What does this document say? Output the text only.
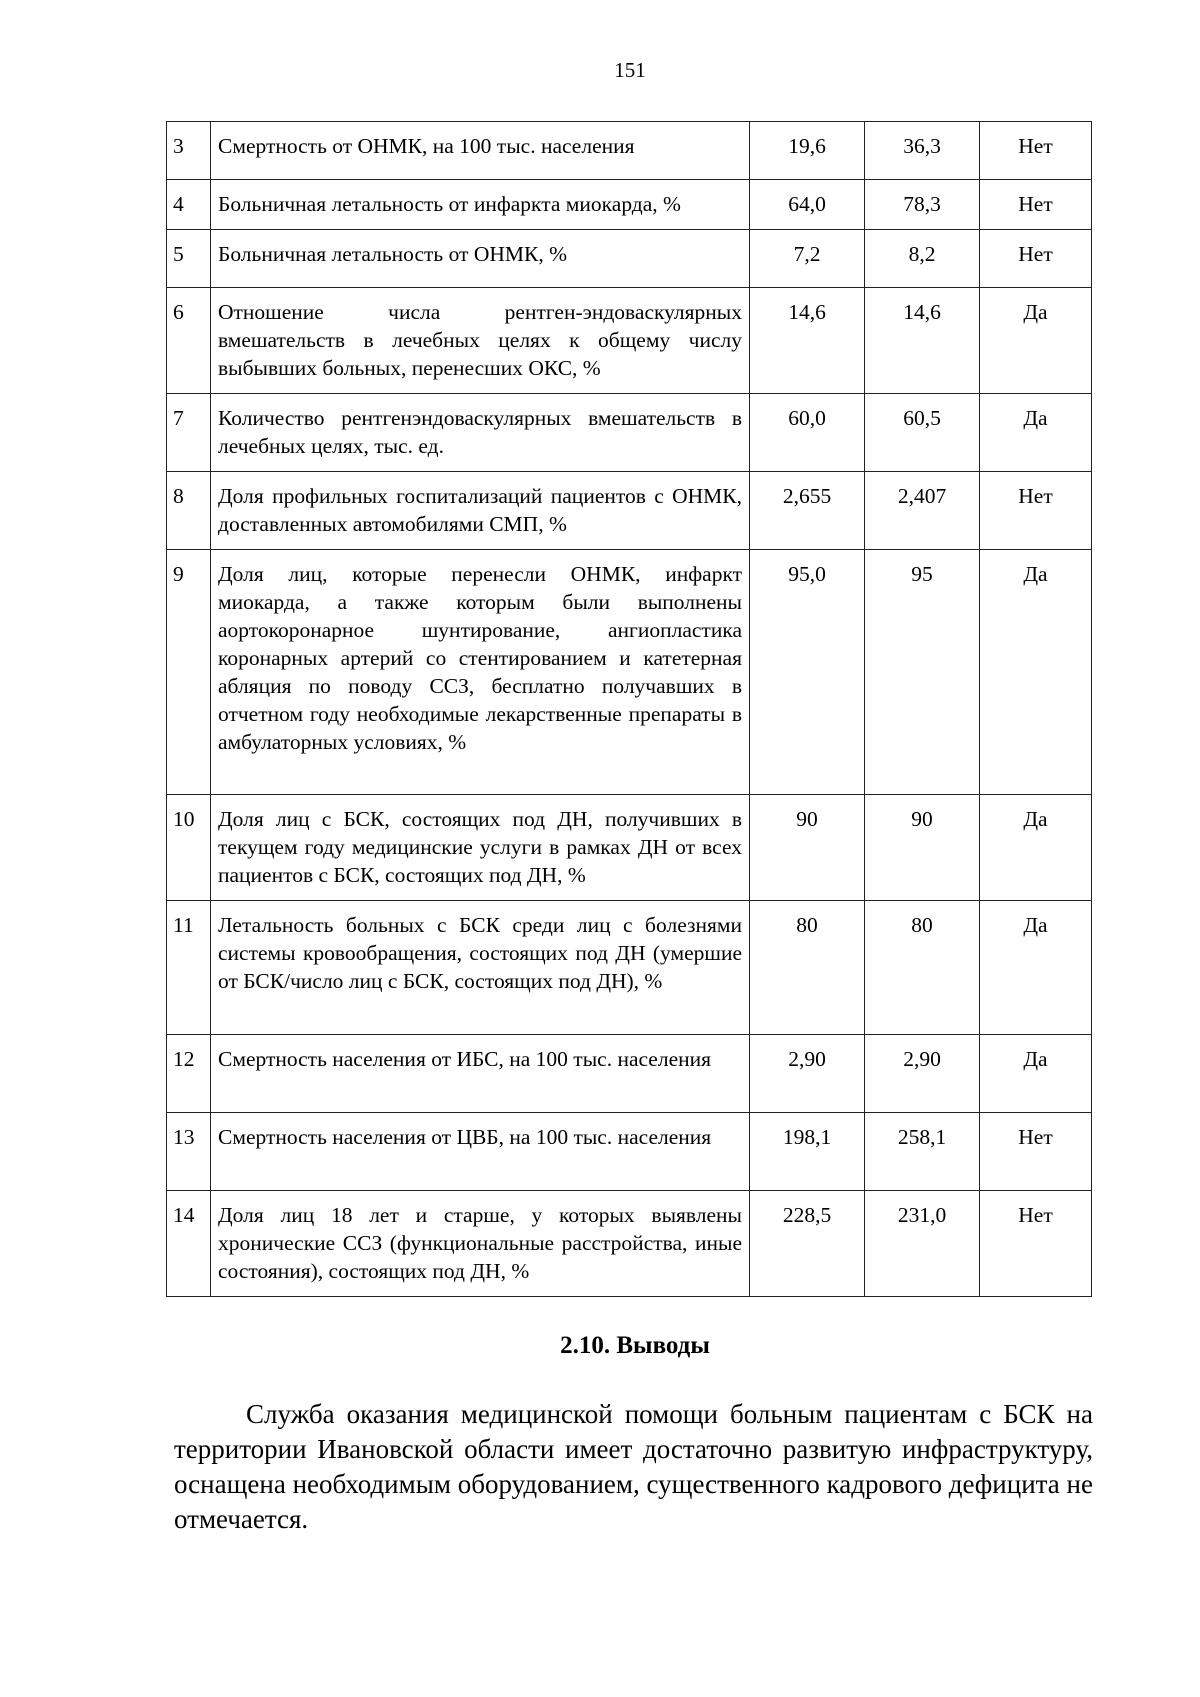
151
3	Смертность от ОНМК, на 100 тыс. населения	19,6	36,3	Нет
4	Больничная летальность от инфаркта миокарда, %	64,0	78,3	Нет
5	Больничная летальность от ОНМК, %	7,2	8,2	Нет
6	Отношение числа рентген-эндоваскулярных вмешательств в лечебных целях к общему числу выбывших больных, перенесших ОКС, %	14,6	14,6	Да
7	Количество рентгенэндоваскулярных вмешательств в лечебных целях, тыс. ед.	60,0	60,5	Да
8	Доля профильных госпитализаций пациентов с ОНМК, доставленных автомобилями СМП, %	2,655	2,407	Нет
9	Доля лиц, которые перенесли ОНМК, инфаркт миокарда, а также которым были выполнены аортокоронарное шунтирование, ангиопластика коронарных артерий со стентированием и катетерная абляция по поводу ССЗ, бесплатно получавших в отчетном году необходимые лекарственные препараты в амбулаторных условиях, %	95,0	95	Да
10	Доля лиц с БСК, состоящих под ДН, получивших в текущем году медицинские услуги в рамках ДН от всех пациентов с БСК, состоящих под ДН, %	90	90	Да
11	Летальность больных с БСК среди лиц с болезнями системы кровообращения, состоящих под ДН (умершие от БСК/число лиц с БСК, состоящих под ДН), %	80	80	Да
12	Смертность населения от ИБС, на 100 тыс. населения	2,90	2,90	Да
13	Смертность населения от ЦВБ, на 100 тыс. населения	198,1	258,1	Нет
14	Доля лиц 18 лет и старше, у которых выявлены хронические ССЗ (функциональные расстройства, иные состояния), состоящих под ДН, %	228,5	231,0	Нет
2.10. Выводы

Служба оказания медицинской помощи больным пациентам с БСК на территории Ивановской области имеет достаточно развитую инфраструктуру, оснащена необходимым оборудованием, существенного кадрового дефицита не отмечается.
